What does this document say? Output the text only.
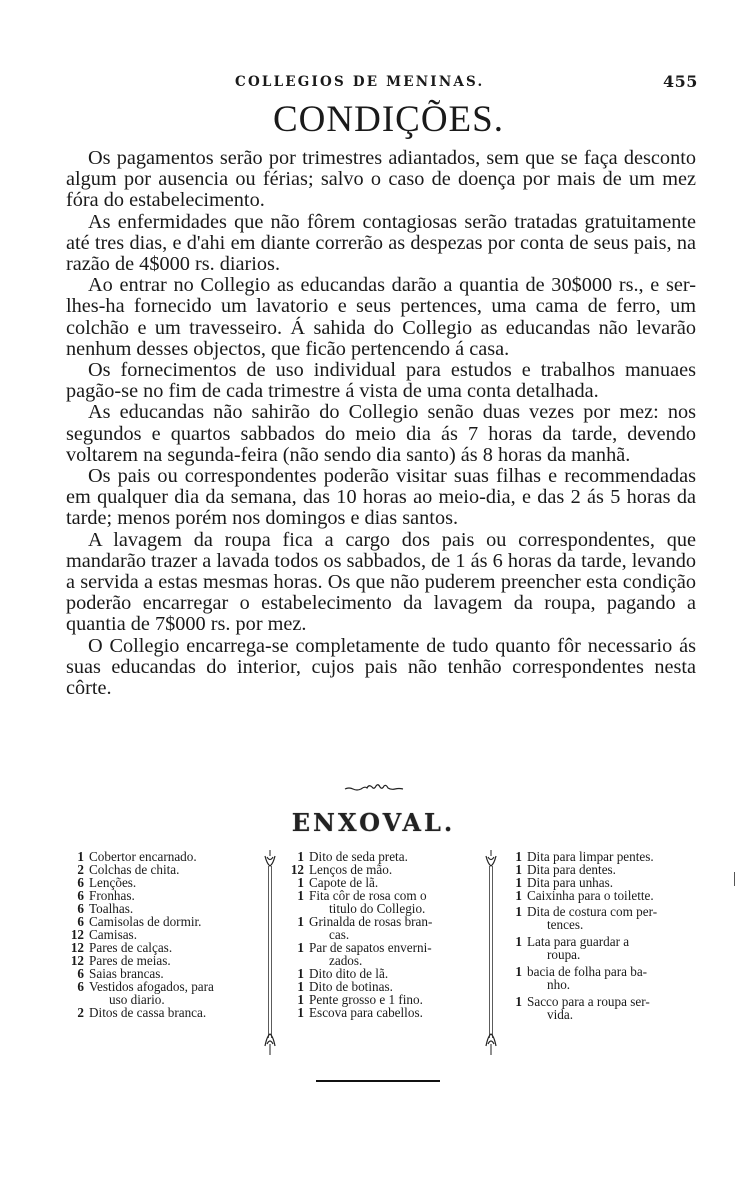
COLLEGIOS DE MENINAS.	455
CONDIÇÕES.

Os pagamentos serão por trimestres adiantados, sem que se faça desconto algum por ausencia ou férias; salvo o caso de doença por mais de um mez fóra do estabelecimento.

As enfermidades que não fôrem contagiosas serão tratadas gratuitamente até tres dias, e d'ahi em diante correrão as despezas por conta de seus pais, na razão de 4$000 rs. diarios.

Ao entrar no Collegio as educandas darão a quantia de 30$000 rs., e ser-lhes-ha fornecido um lavatorio e seus pertences, uma cama de ferro, um colchão e um travesseiro. Á sahida do Collegio as educandas não levarão nenhum desses objectos, que ficão pertencendo á casa.

Os fornecimentos de uso individual para estudos e trabalhos manuaes pagão-se no fim de cada trimestre á vista de uma conta detalhada.

As educandas não sahirão do Collegio senão duas vezes por mez: nos segundos e quartos sabbados do meio dia ás 7 horas da tarde, devendo voltarem na segunda-feira (não sendo dia santo) ás 8 horas da manhã.

Os pais ou correspondentes poderão visitar suas filhas e recommendadas em qualquer dia da semana, das 10 horas ao meio-dia, e das 2 ás 5 horas da tarde; menos porém nos domingos e dias santos.

A lavagem da roupa fica a cargo dos pais ou correspondentes, que mandarão trazer a lavada todos os sabbados, de 1 ás 6 horas da tarde, levando a servida a estas mesmas horas. Os que não puderem preencher esta condição poderão encarregar o estabelecimento da lavagem da roupa, pagando a quantia de 7$000 rs. por mez.

O Collegio encarrega-se completamente de tudo quanto fôr necessario ás suas educandas do interior, cujos pais não tenhão correspondentes nesta côrte.

ENXOVAL.
1 Cobertor encarnado.
2 Colchas de chita.
6 Lenções.
6 Fronhas.
6 Toalhas.
6 Camisolas de dormir.
12 Camisas.
12 Pares de calças.
12 Pares de meias.
6 Saias brancas.
6 Vestidos afogados, para
uso diario.
2 Ditos de cassa branca.
1 Dito de seda preta.
12 Lenços de mão.
1 Capote de lã.
1 Fita côr de rosa com o
titulo do Collegio.
1 Grinalda de rosas bran-
cas.
1 Par de sapatos enverni-
zados.
1 Dito dito de lã.
1 Dito de botinas.
1 Pente grosso e 1 fino.
1 Escova para cabellos.
1 Dita para limpar pentes.
1 Dita para dentes.
1 Dita para unhas.
1 Caixinha para o toilette.
1 Dita de costura com per-
tences.
1 Lata para guardar a
roupa.
1 bacia de folha para ba-
nho.
1 Sacco para a roupa ser-
vida.
